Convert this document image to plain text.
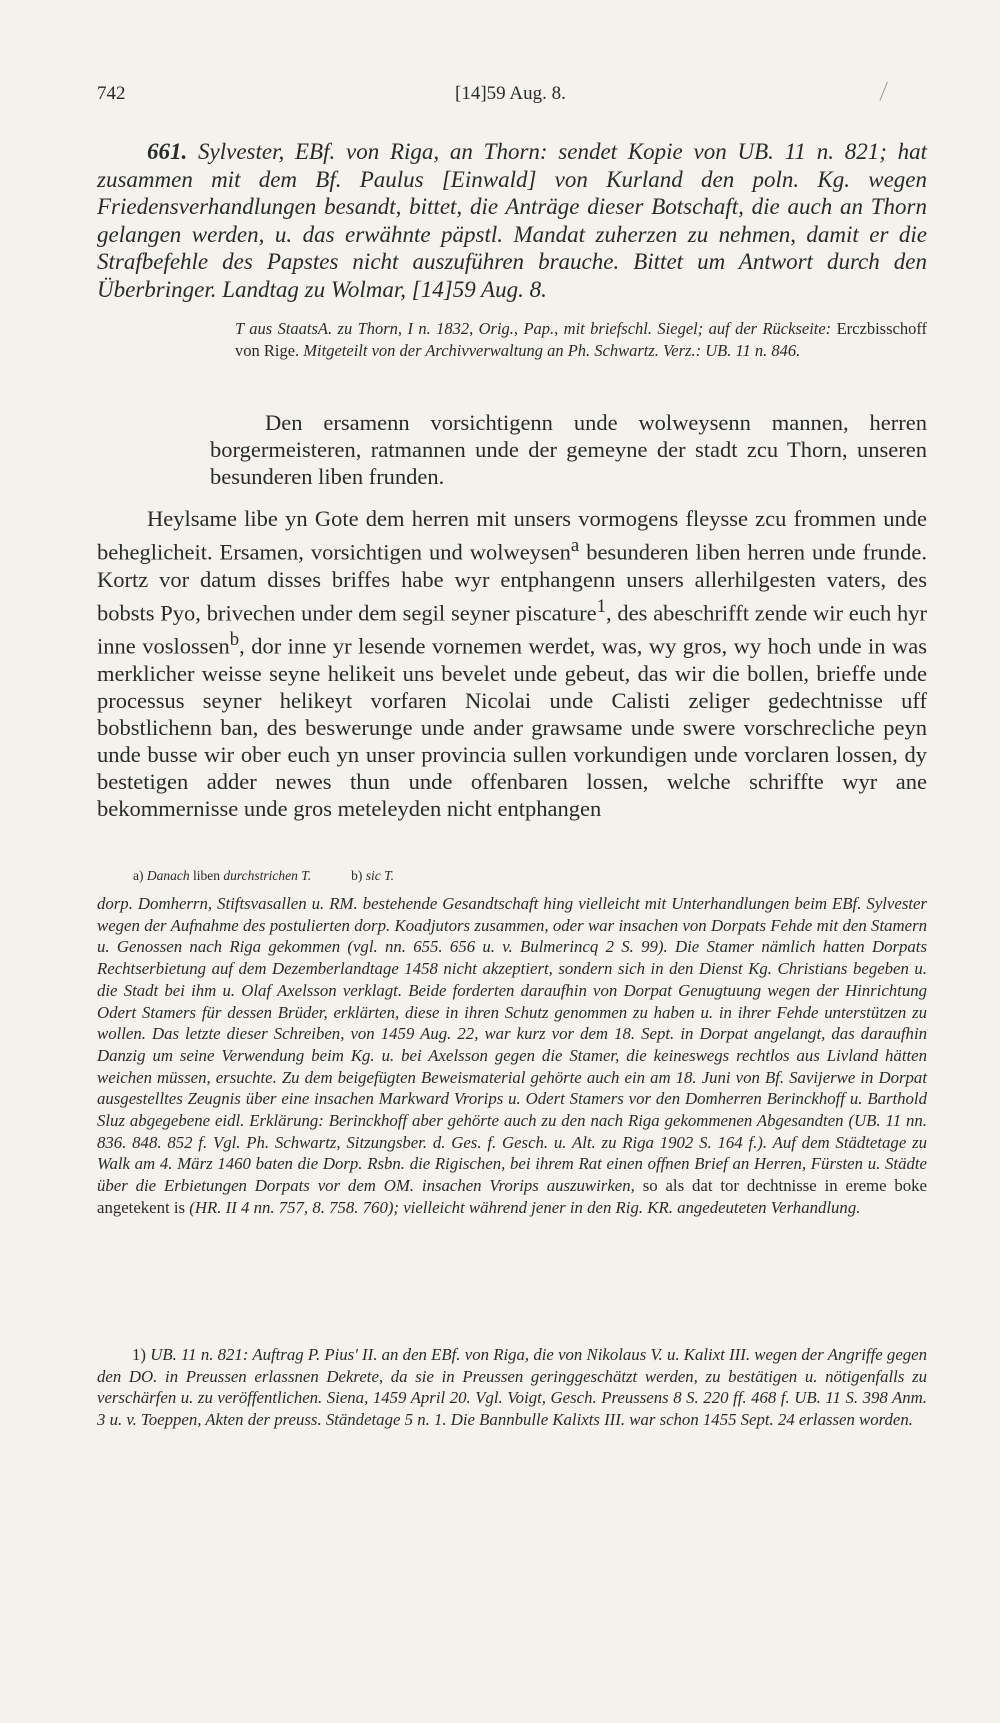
742	[14]59 Aug. 8.

661. Sylvester, EBf. von Riga, an Thorn: sendet Kopie von UB. 11 n. 821; hat zusammen mit dem Bf. Paulus [Einwald] von Kurland den poln. Kg. wegen Friedensverhandlungen besandt, bittet, die Anträge dieser Botschaft, die auch an Thorn gelangen werden, u. das erwähnte päpstl. Mandat zuherzen zu nehmen, damit er die Strafbefehle des Papstes nicht auszuführen brauche. Bittet um Antwort durch den Überbringer. Landtag zu Wolmar, [14]59 Aug. 8.

T aus StaatsA. zu Thorn, I n. 1832, Orig., Pap., mit briefschl. Siegel; auf der Rückseite: Erczbisschoff von Rige. Mitgeteilt von der Archivverwaltung an Ph. Schwartz. Verz.: UB. 11 n. 846.

Den ersamenn vorsichtigenn unde wolweysenn mannen, herren borgermeisteren, ratmannen unde der gemeyne der stadt zcu Thorn, unseren besunderen liben frunden.

Heylsame libe yn Gote dem herren mit unsers vormogens fleysse zcu frommen unde beheglicheit. Ersamen, vorsichtigen und wolweysen$^a$ besunderen liben herren unde frunde. Kortz vor datum disses briffes habe wyr entphangenn unsers allerhilgesten vaters, des bobsts Pyo, brivechen under dem segil seyner piscature$^1$, des abeschrifft zende wir euch hyr inne voslossen$^b$, dor inne yr lesende vornemen werdet, was, wy gros, wy hoch unde in was merklicher weisse seyne helikeit uns bevelet unde gebeut, das wir die bollen, brieffe unde processus seyner helikeyt vorfaren Nicolai unde Calisti zeliger gedechtnisse uff bobstlichenn ban, des beswerunge unde ander grawsame unde swere vorschrecliche peyn unde busse wir ober euch yn unser provincia sullen vorkundigen unde vorclaren lossen, dy bestetigen adder newes thun unde offenbaren lossen, welche schriffte wyr ane bekommernisse unde gros meteleyden nicht entphangen

a) Danach liben durchstrichen T.	b) sic T.

dorp. Domherrn, Stiftsvasallen u. RM. bestehende Gesandtschaft hing vielleicht mit Unterhandlungen beim EBf. Sylvester wegen der Aufnahme des postulierten dorp. Koadjutors zusammen, oder war insachen von Dorpats Fehde mit den Stamern u. Genossen nach Riga gekommen (vgl. nn. 655. 656 u. v. Bulmerincq 2 S. 99). Die Stamer nämlich hatten Dorpats Rechtserbietung auf dem Dezemberlandtage 1458 nicht akzeptiert, sondern sich in den Dienst Kg. Christians begeben u. die Stadt bei ihm u. Olaf Axelsson verklagt. Beide forderten daraufhin von Dorpat Genugtuung wegen der Hinrichtung Odert Stamers für dessen Brüder, erklärten, diese in ihren Schutz genommen zu haben u. in ihrer Fehde unterstützen zu wollen. Das letzte dieser Schreiben, von 1459 Aug. 22, war kurz vor dem 18. Sept. in Dorpat angelangt, das daraufhin Danzig um seine Verwendung beim Kg. u. bei Axelsson gegen die Stamer, die keineswegs rechtlos aus Livland hätten weichen müssen, ersuchte. Zu dem beigefügten Beweismaterial gehörte auch ein am 18. Juni von Bf. Savijerwe in Dorpat ausgestelltes Zeugnis über eine insachen Markward Vrorips u. Odert Stamers vor den Domherren Berinckhoff u. Barthold Sluz abgegebene eidl. Erklärung: Berinckhoff aber gehörte auch zu den nach Riga gekommenen Abgesandten (UB. 11 nn. 836. 848. 852 f. Vgl. Ph. Schwartz, Sitzungsber. d. Ges. f. Gesch. u. Alt. zu Riga 1902 S. 164 f.). Auf dem Städtetage zu Walk am 4. März 1460 baten die Dorp. Rsbn. die Rigischen, bei ihrem Rat einen offnen Brief an Herren, Fürsten u. Städte über die Erbietungen Dorpats vor dem OM. insachen Vrorips auszuwirken, so als dat tor dechtnisse in ereme boke angetekent is (HR. II 4 nn. 757, 8. 758. 760); vielleicht während jener in den Rig. KR. angedeuteten Verhandlung.

1) UB. 11 n. 821: Auftrag P. Pius' II. an den EBf. von Riga, die von Nikolaus V. u. Kalixt III. wegen der Angriffe gegen den DO. in Preussen erlassnen Dekrete, da sie in Preussen geringgeschätzt werden, zu bestätigen u. nötigenfalls zu verschärfen u. zu veröffentlichen. Siena, 1459 April 20. Vgl. Voigt, Gesch. Preussens 8 S. 220 ff. 468 f. UB. 11 S. 398 Anm. 3 u. v. Toeppen, Akten der preuss. Ständetage 5 n. 1. Die Bannbulle Kalixts III. war schon 1455 Sept. 24 erlassen worden.
